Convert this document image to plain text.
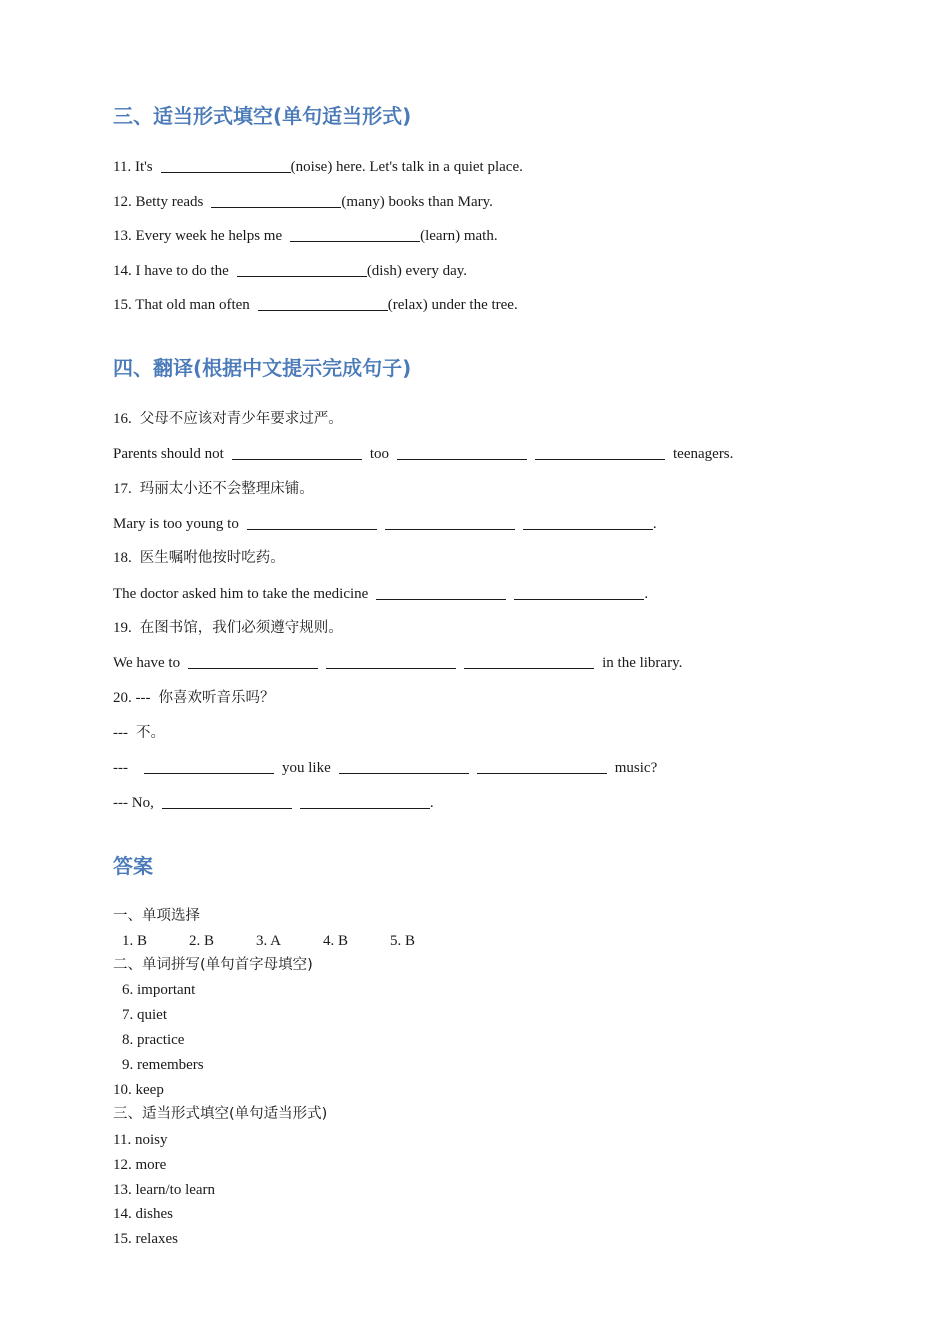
三、适当形式填空(单句适当形式)
11. It's	(noise) here. Let's talk in a quiet place.
12. Betty reads	(many) books than Mary.
13. Every week he helps me	(learn) math.
14. I have to do the	(dish) every day.
15. That old man often	(relax) under the tree.
四、翻译(根据中文提示完成句子)
16. 父母不应该对青少年要求过严。
Parents should not	too	teenagers.
17. 玛丽太小还不会整理床铺。
Mary is too young to	.
18. 医生嘱咐他按时吃药。
The doctor asked him to take the medicine	.
19. 在图书馆，我们必须遵守规则。
We have to	in the library.
20. --- 你喜欢听音乐吗？
--- 不。
---	you like	music?
--- No,	.
答案
一、单项选择
1. B	2. B	3. A	4. B	5. B
二、单词拼写(单句首字母填空)
6. important
7. quiet
8. practice
9. remembers
10. keep
三、适当形式填空(单句适当形式)
11. noisy
12. more
13. learn/to learn
14. dishes
15. relaxes
